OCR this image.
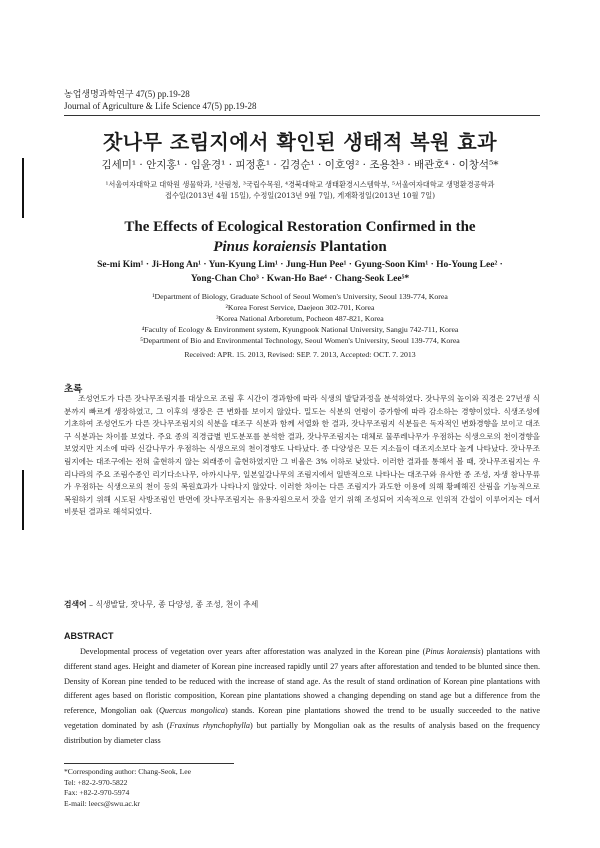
농업생명과학연구 47(5) pp.19-28
Journal of Agriculture & Life Science 47(5) pp.19-28
잣나무 조림지에서 확인된 생태적 복원 효과
김세미¹ · 안지홍¹ · 임윤경¹ · 피정훈¹ · 김경순¹ · 이호영² · 조용찬³ · 배관호⁴ · 이창석⁵*
¹서울여자대학교 대학원 생물학과, ²산림청, ³국립수목원, ⁴경북대학교 생태환경시스템학부, ⁵서울여자대학교 생명환경공학과
접수일(2013년 4월 15일), 수정일(2013년 9월 7일), 게재확정일(2013년 10월 7일)
The Effects of Ecological Restoration Confirmed in the
Pinus koraiensis Plantation
Se-mi Kim¹ · Ji-Hong An¹ · Yun-Kyung Lim¹ · Jung-Hun Pee¹ · Gyung-Soon Kim¹ · Ho-Young Lee² ·
Yong-Chan Cho³ · Kwan-Ho Bae⁴ · Chang-Seok Lee⁵*
¹Department of Biology, Graduate School of Seoul Women's University, Seoul 139-774, Korea
²Korea Forest Service, Daejeon 302-701, Korea
³Korea National Arboretum, Pocheon 487-821, Korea
⁴Faculty of Ecology & Environment system, Kyungpook National University, Sangju 742-711, Korea
⁵Department of Bio and Environmental Technology, Seoul Women's University, Seoul 139-774, Korea
Received: APR. 15. 2013, Revised: SEP. 7. 2013, Accepted: OCT. 7. 2013
초록
조성연도가 다른 잣나무조림지를 대상으로 조림 후 시간이 경과함에 따라 식생의 발달과정을 분석하였다. 잣나무의 높이와 직경은 27년생 식분까지 빠르게 생장하였고, 그 이후의 생장은 큰 변화를 보이지 않았다. 밀도는 식분의 연령이 증가함에 따라 감소하는 경향이었다. 식생조성에 기초하여 조성연도가 다른 잣나무조림지의 식분을 대조구 식분과 함께 서열화 한 결과, 잣나무조림지 식분들은 독자적인 변화경향을 보이고 대조구 식분과는 차이를 보였다. 주요 종의 직경급별 빈도분포를 분석한 결과, 잣나무조림지는 대체로 물푸레나무가 우점하는 식생으로의 천이경향을 보였지만 지소에 따라 신갈나무가 우점하는 식생으로의 천이경향도 나타났다. 종 다양성은 모든 지소들이 대조지소보다 높게 나타났다. 잣나무조림지에는 대조구에는 전혀 출현하지 않는 외래종이 출현하였지만 그 비율은 3% 이하로 낮았다. 이러한 결과를 통해서 볼 때, 잣나무조림지는 우리나라의 주요 조림수종인 리기다소나무, 아까시나무, 일본잎갈나무의 조림지에서 일반적으로 나타나는 대조구와 유사한 종 조성, 자생 참나무류가 우점하는 식생으로의 천이 등의 복원효과가 나타나지 않았다. 이러한 차이는 다른 조림지가 과도한 이용에 의해 황폐해진 산림을 기능적으로 복원하기 위해 시도된 사방조림인 반면에 잣나무조림지는 유용자원으로서 잣을 얻기 위해 조성되어 지속적으로 인위적 간섭이 이루어지는 데서 비롯된 결과로 해석되었다.
검색어 – 식생발달, 잣나무, 종 다양성, 종 조성, 천이 추세
ABSTRACT
Developmental process of vegetation over years after afforestation was analyzed in the Korean pine (Pinus koraiensis) plantations with different stand ages. Height and diameter of Korean pine increased rapidly until 27 years after afforestation and tended to be blunted since then. Density of Korean pine tended to be reduced with the increase of stand age. As the result of stand ordination of Korean pine plantations with different ages based on floristic composition, Korean pine plantations showed a changing depending on stand age but a difference from the reference, Mongolian oak (Quercus mongolica) stands. Korean pine plantations showed the trend to be usually succeeded to the native vegetation dominated by ash (Fraxinus rhynchophylla) but partially by Mongolian oak as the results of analysis based on the frequency distribution by diameter class
*Corresponding author: Chang-Seok, Lee
Tel: +82-2-970-5822
Fax: +82-2-970-5974
E-mail: leecs@swu.ac.kr
